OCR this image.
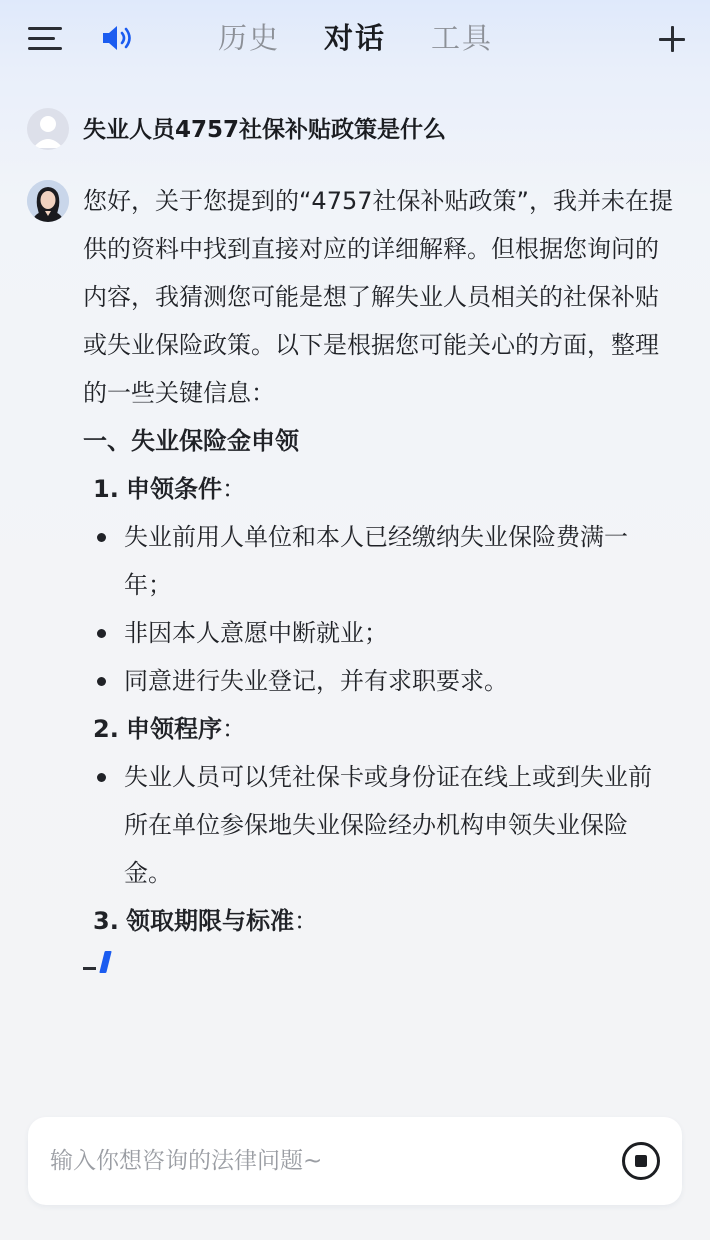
历史 对话 工具
失业人员4757社保补贴政策是什么

您好，关于您提到的“4757社保补贴政策”，我并未在提供的资料中找到直接对应的详细解释。但根据您询问的内容，我猜测您可能是想了解失业人员相关的社保补贴或失业保险政策。以下是根据您可能关心的方面，整理的一些关键信息：

一、失业保险金申领

1. 申领条件：
失业前用人单位和本人已经缴纳失业保险费满一年；
非因本人意愿中断就业；
同意进行失业登记，并有求职要求。
2. 申领程序：
失业人员可以凭社保卡或身份证在线上或到失业前所在单位参保地失业保险经办机构申领失业保险金。
3. 领取期限与标准：
输入你想咨询的法律问题~
